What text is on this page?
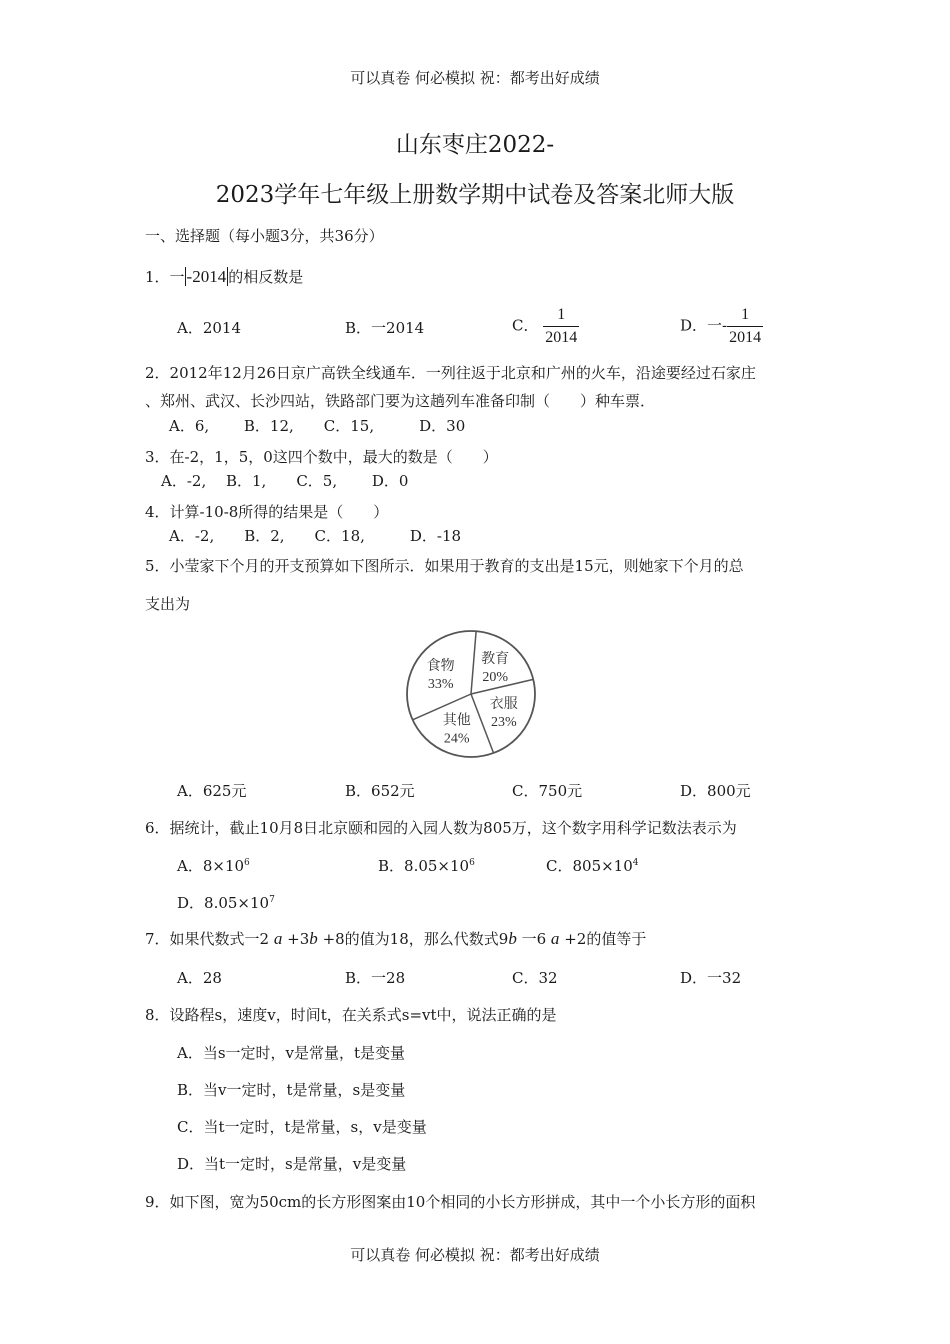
可以真卷 何必模拟 祝：都考出好成绩
山东枣庄2022-
2023学年七年级上册数学期中试卷及答案北师大版
一、选择题（每小题3分，共36分）
1．一 -2014 的相反数是
A．2014	B．一2014	C． $\frac{1}{2014}$	D．一- $\frac{1}{2014}$
2．2012年12月26日京广高铁全线通车．一列往返于北京和广州的火车，沿途要经过石家庄
、郑州、武汉、长沙四站，铁路部门要为这趟列车准备印制（　　）种车票．
A．6,　　 B．12,　　C．15,　　　D．30
3．在-2，1，5，0这四个数中，最大的数是（　　）
A．-2,　 B．1,　　C．5,　　 D．0
4．计算-10-8所得的结果是（　　）
A．-2,　　B．2,　　C．18,　　　D．-18
5．小莹家下个月的开支预算如下图所示．如果用于教育的支出是15元，则她家下个月的总
支出为
教育
20%
衣服
23%
其他
24%
食物
33%
A．625元	B．652元	C．750元	D．800元
6．据统计，截止10月8日北京颐和园的入园人数为805万，这个数字用科学记数法表示为
A．$8\times 10^6$	B．$8.05\times 10^6$	C．$805\times 10^4$
D．$8.05\times 10^7$
7．如果代数式一2 a +3b +8的值为18，那么代数式9b 一6 a +2的值等于
A．28	B．一28	C．32	D．一32
8．设路程s，速度v，时间t，在关系式s=vt中，说法正确的是
A．当s一定时，v是常量，t是变量
B．当v一定时，t是常量，s是变量
C．当t一定时，t是常量，s，v是变量
D．当t一定时，s是常量，v是变量
9．如下图，宽为50cm的长方形图案由10个相同的小长方形拼成，其中一个小长方形的面积
可以真卷 何必模拟 祝：都考出好成绩
